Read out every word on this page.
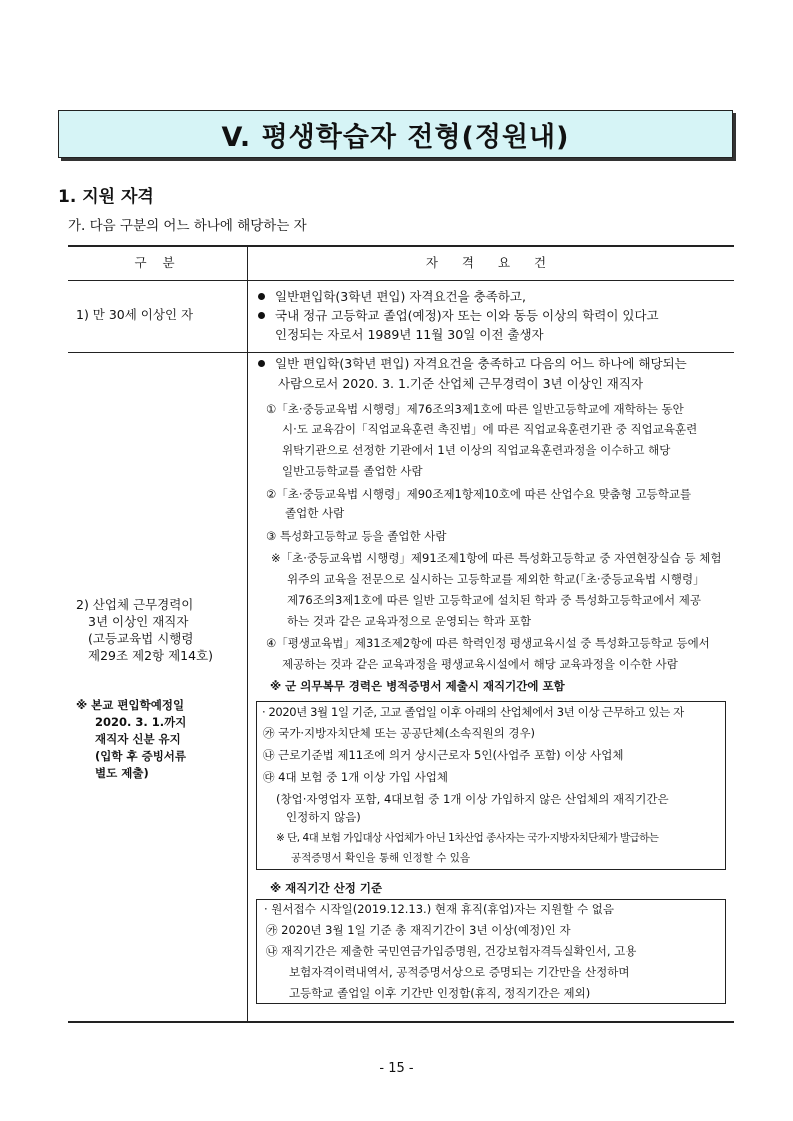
V. 평생학습자 전형(정원내)
1. 지원 자격
가. 다음 구분의 어느 하나에 해당하는 자
구 분	자 격 요 건
1) 만 30세 이상인 자
일반편입학(3학년 편입) 자격요건을 충족하고,
국내 정규 고등학교 졸업(예정)자 또는 이와 동등 이상의 학력이 있다고
인정되는 자로서 1989년 11월 30일 이전 출생자
2) 산업체 근무경력이
3년 이상인 재직자
(고등교육법 시행령
제29조 제2항 제14호)
※ 본교 편입학예정일
2020. 3. 1.까지
재직자 신분 유지
(입학 후 증빙서류
별도 제출)
일반 편입학(3학년 편입) 자격요건을 충족하고 다음의 어느 하나에 해당되는
사람으로서 2020. 3. 1.기준 산업체 근무경력이 3년 이상인 재직자
①「초·중등교육법 시행령」제76조의3제1호에 따른 일반고등학교에 재학하는 동안
시·도 교육감이「직업교육훈련 촉진법」에 따른 직업교육훈련기관 중 직업교육훈련
위탁기관으로 선정한 기관에서 1년 이상의 직업교육훈련과정을 이수하고 해당
일반고등학교를 졸업한 사람
②「초·중등교육법 시행령」제90조제1항제10호에 따른 산업수요 맞춤형 고등학교를
졸업한 사람
③ 특성화고등학교 등을 졸업한 사람
※「초·중등교육법 시행령」제91조제1항에 따른 특성화고등학교 중 자연현장실습 등 체험
위주의 교육을 전문으로 실시하는 고등학교를 제외한 학교(「초·중등교육법 시행령」
제76조의3제1호에 따른 일반 고등학교에 설치된 학과 중 특성화고등학교에서 제공
하는 것과 같은 교육과정으로 운영되는 학과 포함
④「평생교육법」제31조제2항에 따른 학력인정 평생교육시설 중 특성화고등학교 등에서
제공하는 것과 같은 교육과정을 평생교육시설에서 해당 교육과정을 이수한 사람
※ 군 의무복무 경력은 병적증명서 제출시 재직기간에 포함
· 2020년 3월 1일 기준, 고교 졸업일 이후 아래의 산업체에서 3년 이상 근무하고 있는 자
㉮ 국가·지방자치단체 또는 공공단체(소속직원의 경우)
㉯ 근로기준법 제11조에 의거 상시근로자 5인(사업주 포함) 이상 사업체
㉰ 4대 보험 중 1개 이상 가입 사업체
(창업·자영업자 포함, 4대보험 중 1개 이상 가입하지 않은 산업체의 재직기간은
인정하지 않음)
※ 단, 4대 보험 가입대상 사업체가 아닌 1차산업 종사자는 국가·지방자치단체가 발급하는
공적증명서 확인을 통해 인정할 수 있음
※ 재직기간 산정 기준
· 원서접수 시작일(2019.12.13.) 현재 휴직(휴업)자는 지원할 수 없음
㉮ 2020년 3월 1일 기준 총 재직기간이 3년 이상(예정)인 자
㉯ 재직기간은 제출한 국민연금가입증명원, 건강보험자격득실확인서, 고용
보험자격이력내역서, 공적증명서상으로 증명되는 기간만을 산정하며
고등학교 졸업일 이후 기간만 인정함(휴직, 정직기간은 제외)
- 15 -
